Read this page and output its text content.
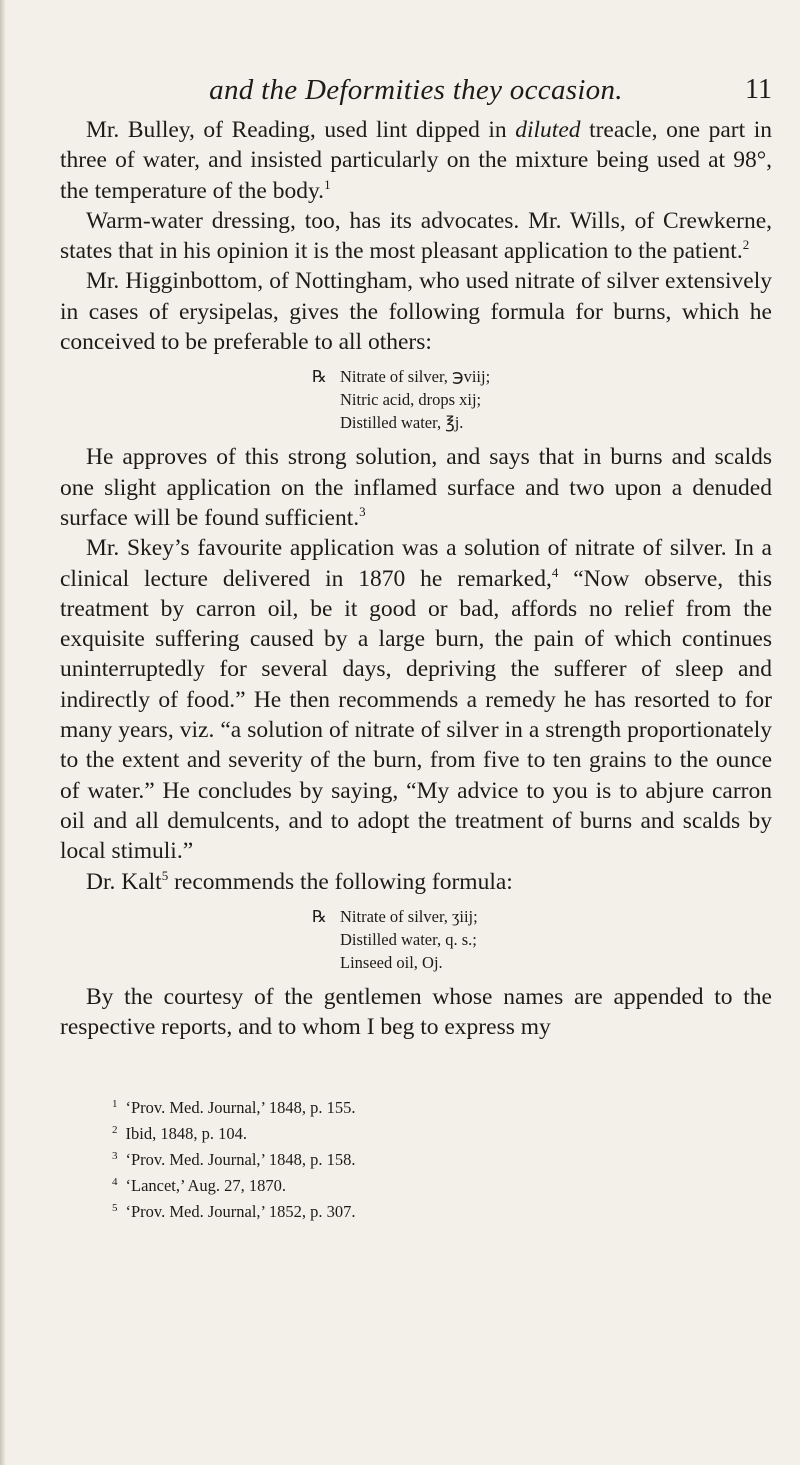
and the Deformities they occasion.	11

Mr. Bulley, of Reading, used lint dipped in diluted treacle, one part in three of water, and insisted particularly on the mixture being used at 98°, the temperature of the body.$^1$

Warm-water dressing, too, has its advocates. Mr. Wills, of Crewkerne, states that in his opinion it is the most pleasant application to the patient.$^2$

Mr. Higginbottom, of Nottingham, who used nitrate of silver extensively in cases of erysipelas, gives the following formula for burns, which he conceived to be preferable to all others:

℞ Nitrate of silver, ℈viij;
Nitric acid, drops xij;
Distilled water, ℥j.

He approves of this strong solution, and says that in burns and scalds one slight application on the inflamed surface and two upon a denuded surface will be found sufficient.$^3$

Mr. Skey’s favourite application was a solution of nitrate of silver. In a clinical lecture delivered in 1870 he remarked,$^4$ “Now observe, this treatment by carron oil, be it good or bad, affords no relief from the exquisite suffering caused by a large burn, the pain of which continues uninterruptedly for several days, depriving the sufferer of sleep and indirectly of food.” He then recommends a remedy he has resorted to for many years, viz. “a solution of nitrate of silver in a strength proportionately to the extent and severity of the burn, from five to ten grains to the ounce of water.” He concludes by saying, “My advice to you is to abjure carron oil and all demulcents, and to adopt the treatment of burns and scalds by local stimuli.”

Dr. Kalt$^5$ recommends the following formula:

℞ Nitrate of silver, ʒiij;
Distilled water, q. s.;
Linseed oil, Oj.

By the courtesy of the gentlemen whose names are appended to the respective reports, and to whom I beg to express my

$^1$ ‘Prov. Med. Journal,’ 1848, p. 155.
$^2$ Ibid, 1848, p. 104.
$^3$ ‘Prov. Med. Journal,’ 1848, p. 158.
$^4$ ‘Lancet,’ Aug. 27, 1870.
$^5$ ‘Prov. Med. Journal,’ 1852, p. 307.
